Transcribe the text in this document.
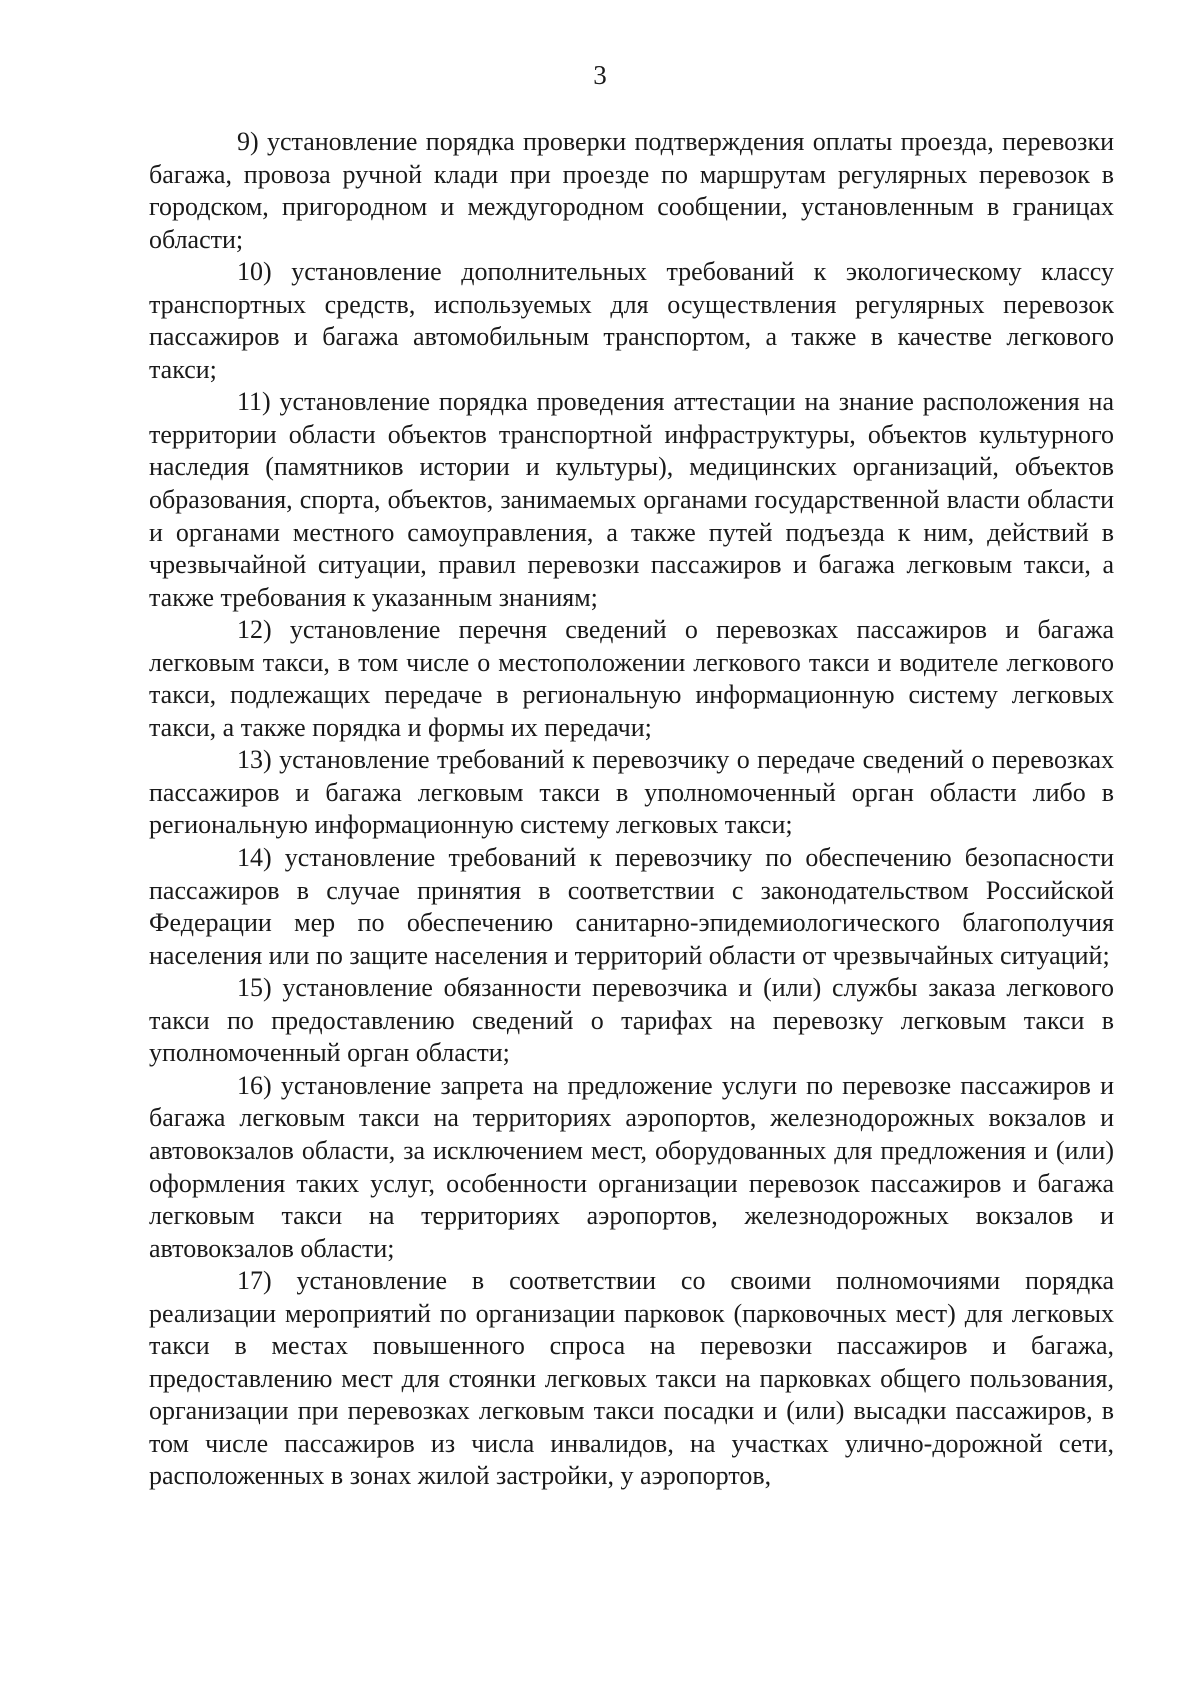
3

9) установление порядка проверки подтверждения оплаты проезда, перевозки багажа, провоза ручной клади при проезде по маршрутам регулярных перевозок в городском, пригородном и междугородном сообщении, установленным в границах области;

10) установление дополнительных требований к экологическому классу транспортных средств, используемых для осуществления регулярных перевозок пассажиров и багажа автомобильным транспортом, а также в качестве легкового такси;

11) установление порядка проведения аттестации на знание расположения на территории области объектов транспортной инфраструктуры, объектов культурного наследия (памятников истории и культуры), медицинских организаций, объектов образования, спорта, объектов, занимаемых органами государственной власти области и органами местного самоуправления, а также путей подъезда к ним, действий в чрезвычайной ситуации, правил перевозки пассажиров и багажа легковым такси, а также требования к указанным знаниям;

12) установление перечня сведений о перевозках пассажиров и багажа легковым такси, в том числе о местоположении легкового такси и водителе легкового такси, подлежащих передаче в региональную информационную систему легковых такси, а также порядка и формы их передачи;

13) установление требований к перевозчику о передаче сведений о перевозках пассажиров и багажа легковым такси в уполномоченный орган области либо в региональную информационную систему легковых такси;

14) установление требований к перевозчику по обеспечению безопасности пассажиров в случае принятия в соответствии с законодательством Российской Федерации мер по обеспечению санитарно-эпидемиологического благополучия населения или по защите населения и территорий области от чрезвычайных ситуаций;

15) установление обязанности перевозчика и (или) службы заказа легкового такси по предоставлению сведений о тарифах на перевозку легковым такси в уполномоченный орган области;

16) установление запрета на предложение услуги по перевозке пассажиров и багажа легковым такси на территориях аэропортов, железнодорожных вокзалов и автовокзалов области, за исключением мест, оборудованных для предложения и (или) оформления таких услуг, особенности организации перевозок пассажиров и багажа легковым такси на территориях аэропортов, железнодорожных вокзалов и автовокзалов области;

17) установление в соответствии со своими полномочиями порядка реализации мероприятий по организации парковок (парковочных мест) для легковых такси в местах повышенного спроса на перевозки пассажиров и багажа, предоставлению мест для стоянки легковых такси на парковках общего пользования, организации при перевозках легковым такси посадки и (или) высадки пассажиров, в том числе пассажиров из числа инвалидов, на участках улично-дорожной сети, расположенных в зонах жилой застройки, у аэропортов,
